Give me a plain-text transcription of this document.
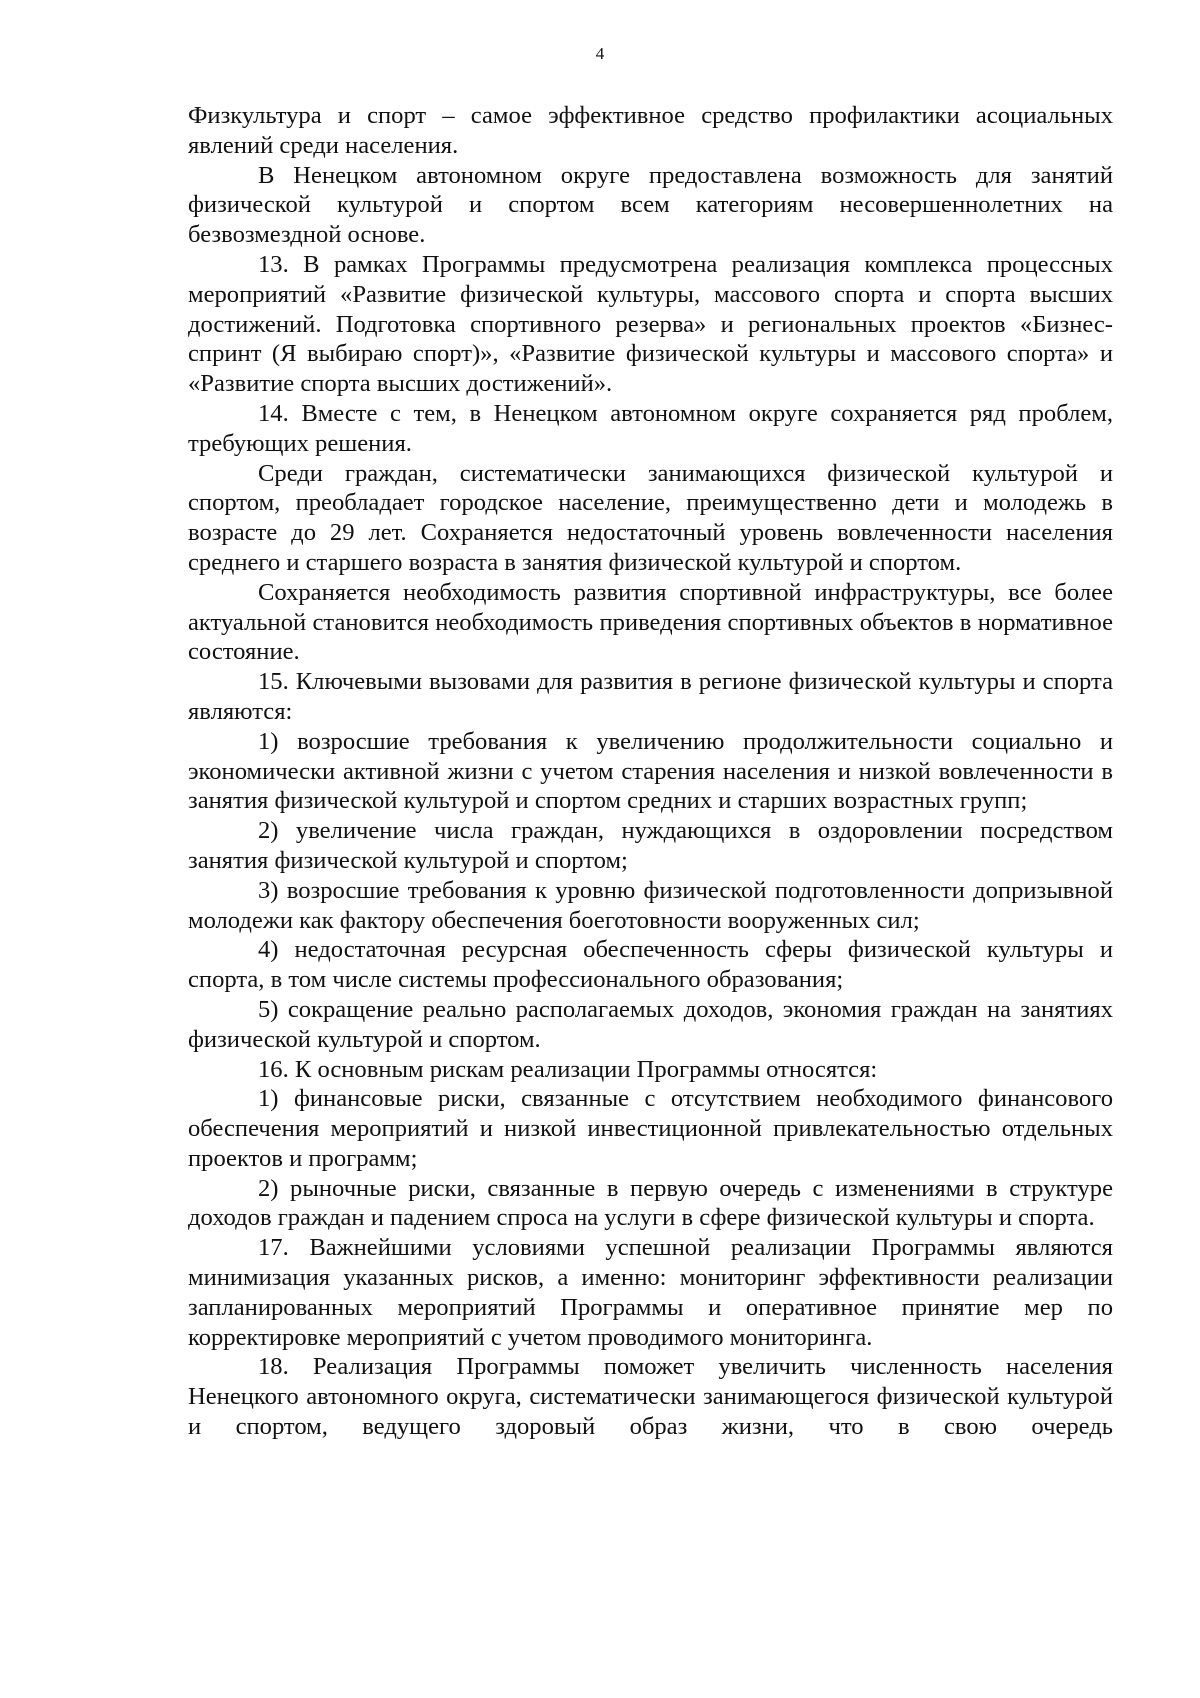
4

Физкультура и спорт – самое эффективное средство профилактики асоциальных явлений среди населения.

В Ненецком автономном округе предоставлена возможность для занятий физической культурой и спортом всем категориям несовершеннолетних на безвозмездной основе.

13. В рамках Программы предусмотрена реализация комплекса процессных мероприятий «Развитие физической культуры, массового спорта и спорта высших достижений. Подготовка спортивного резерва» и региональных проектов «Бизнес-спринт (Я выбираю спорт)», «Развитие физической культуры и массового спорта» и «Развитие спорта высших достижений».

14. Вместе с тем, в Ненецком автономном округе сохраняется ряд проблем, требующих решения.

Среди граждан, систематически занимающихся физической культурой и спортом, преобладает городское население, преимущественно дети и молодежь в возрасте до 29 лет. Сохраняется недостаточный уровень вовлеченности населения среднего и старшего возраста в занятия физической культурой и спортом.

Сохраняется необходимость развития спортивной инфраструктуры, все более актуальной становится необходимость приведения спортивных объектов в нормативное состояние.

15. Ключевыми вызовами для развития в регионе физической культуры и спорта являются:

1) возросшие требования к увеличению продолжительности социально и экономически активной жизни с учетом старения населения и низкой вовлеченности в занятия физической культурой и спортом средних и старших возрастных групп;

2) увеличение числа граждан, нуждающихся в оздоровлении посредством занятия физической культурой и спортом;

3) возросшие требования к уровню физической подготовленности допризывной молодежи как фактору обеспечения боеготовности вооруженных сил;

4) недостаточная ресурсная обеспеченность сферы физической культуры и спорта, в том числе системы профессионального образования;

5) сокращение реально располагаемых доходов, экономия граждан на занятиях физической культурой и спортом.

16. К основным рискам реализации Программы относятся:

1) финансовые риски, связанные с отсутствием необходимого финансового обеспечения мероприятий и низкой инвестиционной привлекательностью отдельных проектов и программ;

2) рыночные риски, связанные в первую очередь с изменениями в структуре доходов граждан и падением спроса на услуги в сфере физической культуры и спорта.

17. Важнейшими условиями успешной реализации Программы являются минимизация указанных рисков, а именно: мониторинг эффективности реализации запланированных мероприятий Программы и оперативное принятие мер по корректировке мероприятий с учетом проводимого мониторинга.

18. Реализация Программы поможет увеличить численность населения Ненецкого автономного округа, систематически занимающегося физической культурой и спортом, ведущего здоровый образ жизни, что в свою очередь
